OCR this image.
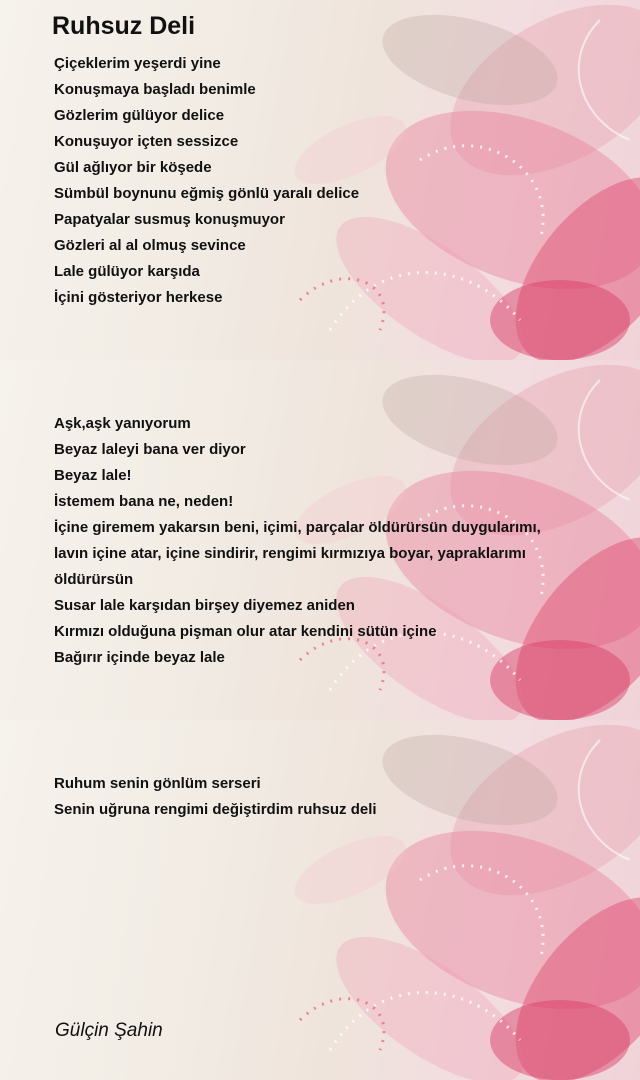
Ruhsuz Deli
Çiçeklerim yeşerdi yine
Konuşmaya başladı benimle
Gözlerim gülüyor delice
Konuşuyor içten sessizce
Gül ağlıyor bir köşede
Sümbül boynunu eğmiş gönlü yaralı delice
Papatyalar susmuş konuşmuyor
Gözleri al al olmuş sevince
Lale gülüyor karşıda
İçini gösteriyor herkese
Aşk,aşk yanıyorum
Beyaz laleyi bana ver diyor
Beyaz lale!
İstemem bana ne, neden!
İçine giremem yakarsın beni, içimi, parçalar öldürürsün duygularımı,
lavın içine atar, içine sindirir, rengimi kırmızıya boyar, yapraklarımı
öldürürsün
Susar lale karşıdan birşey diyemez aniden
Kırmızı olduğuna pişman olur atar kendini sütün içine
Bağırır içinde beyaz lale
Ruhum senin gönlüm serseri
Senin uğruna rengimi değiştirdim ruhsuz deli

Gülçin Şahin
